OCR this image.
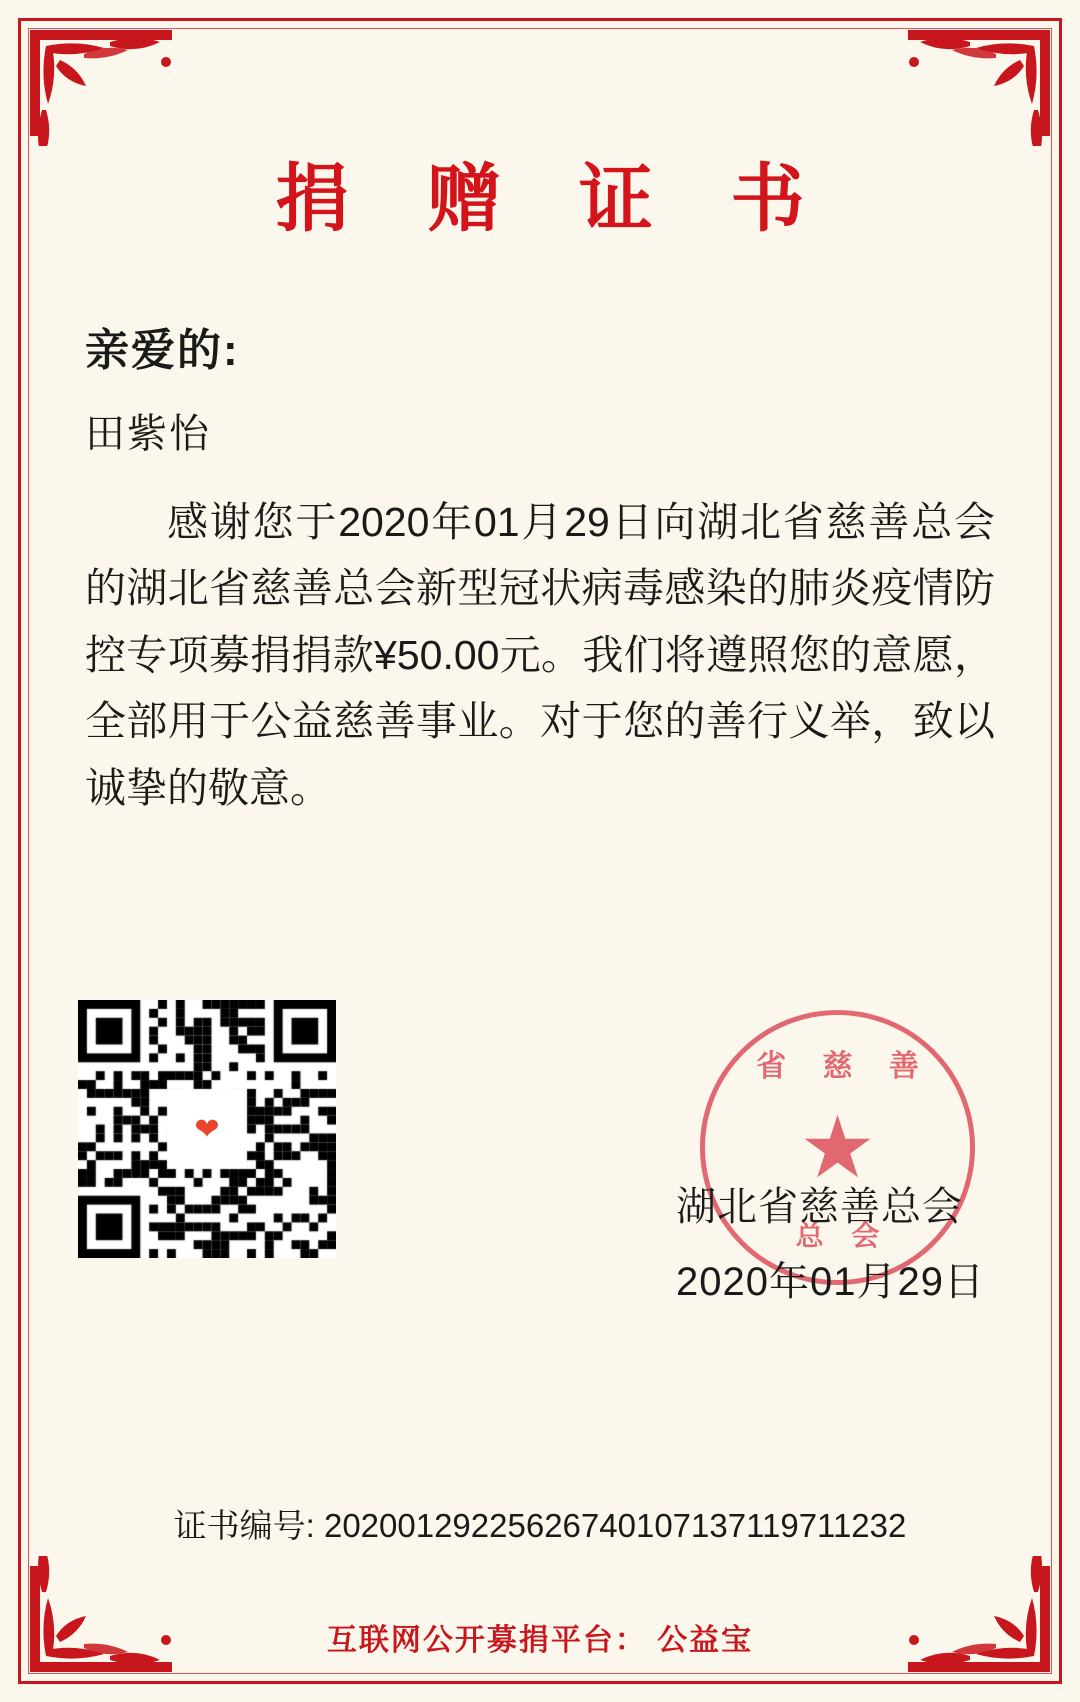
捐 赠 证 书
亲爱的:
田紫怡
感谢您于2020年01月29日向湖北省慈善总会的湖北省慈善总会新型冠状病毒感染的肺炎疫情防控专项募捐捐款¥50.00元。我们将遵照您的意愿，全部用于公益慈善事业。对于您的善行义举，致以诚挚的敬意。
❤
省 慈 善
★
总 会
湖北省慈善总会
2020年01月29日
证书编号: 20200129225626740107137119711232
互联网公开募捐平台： 公益宝
